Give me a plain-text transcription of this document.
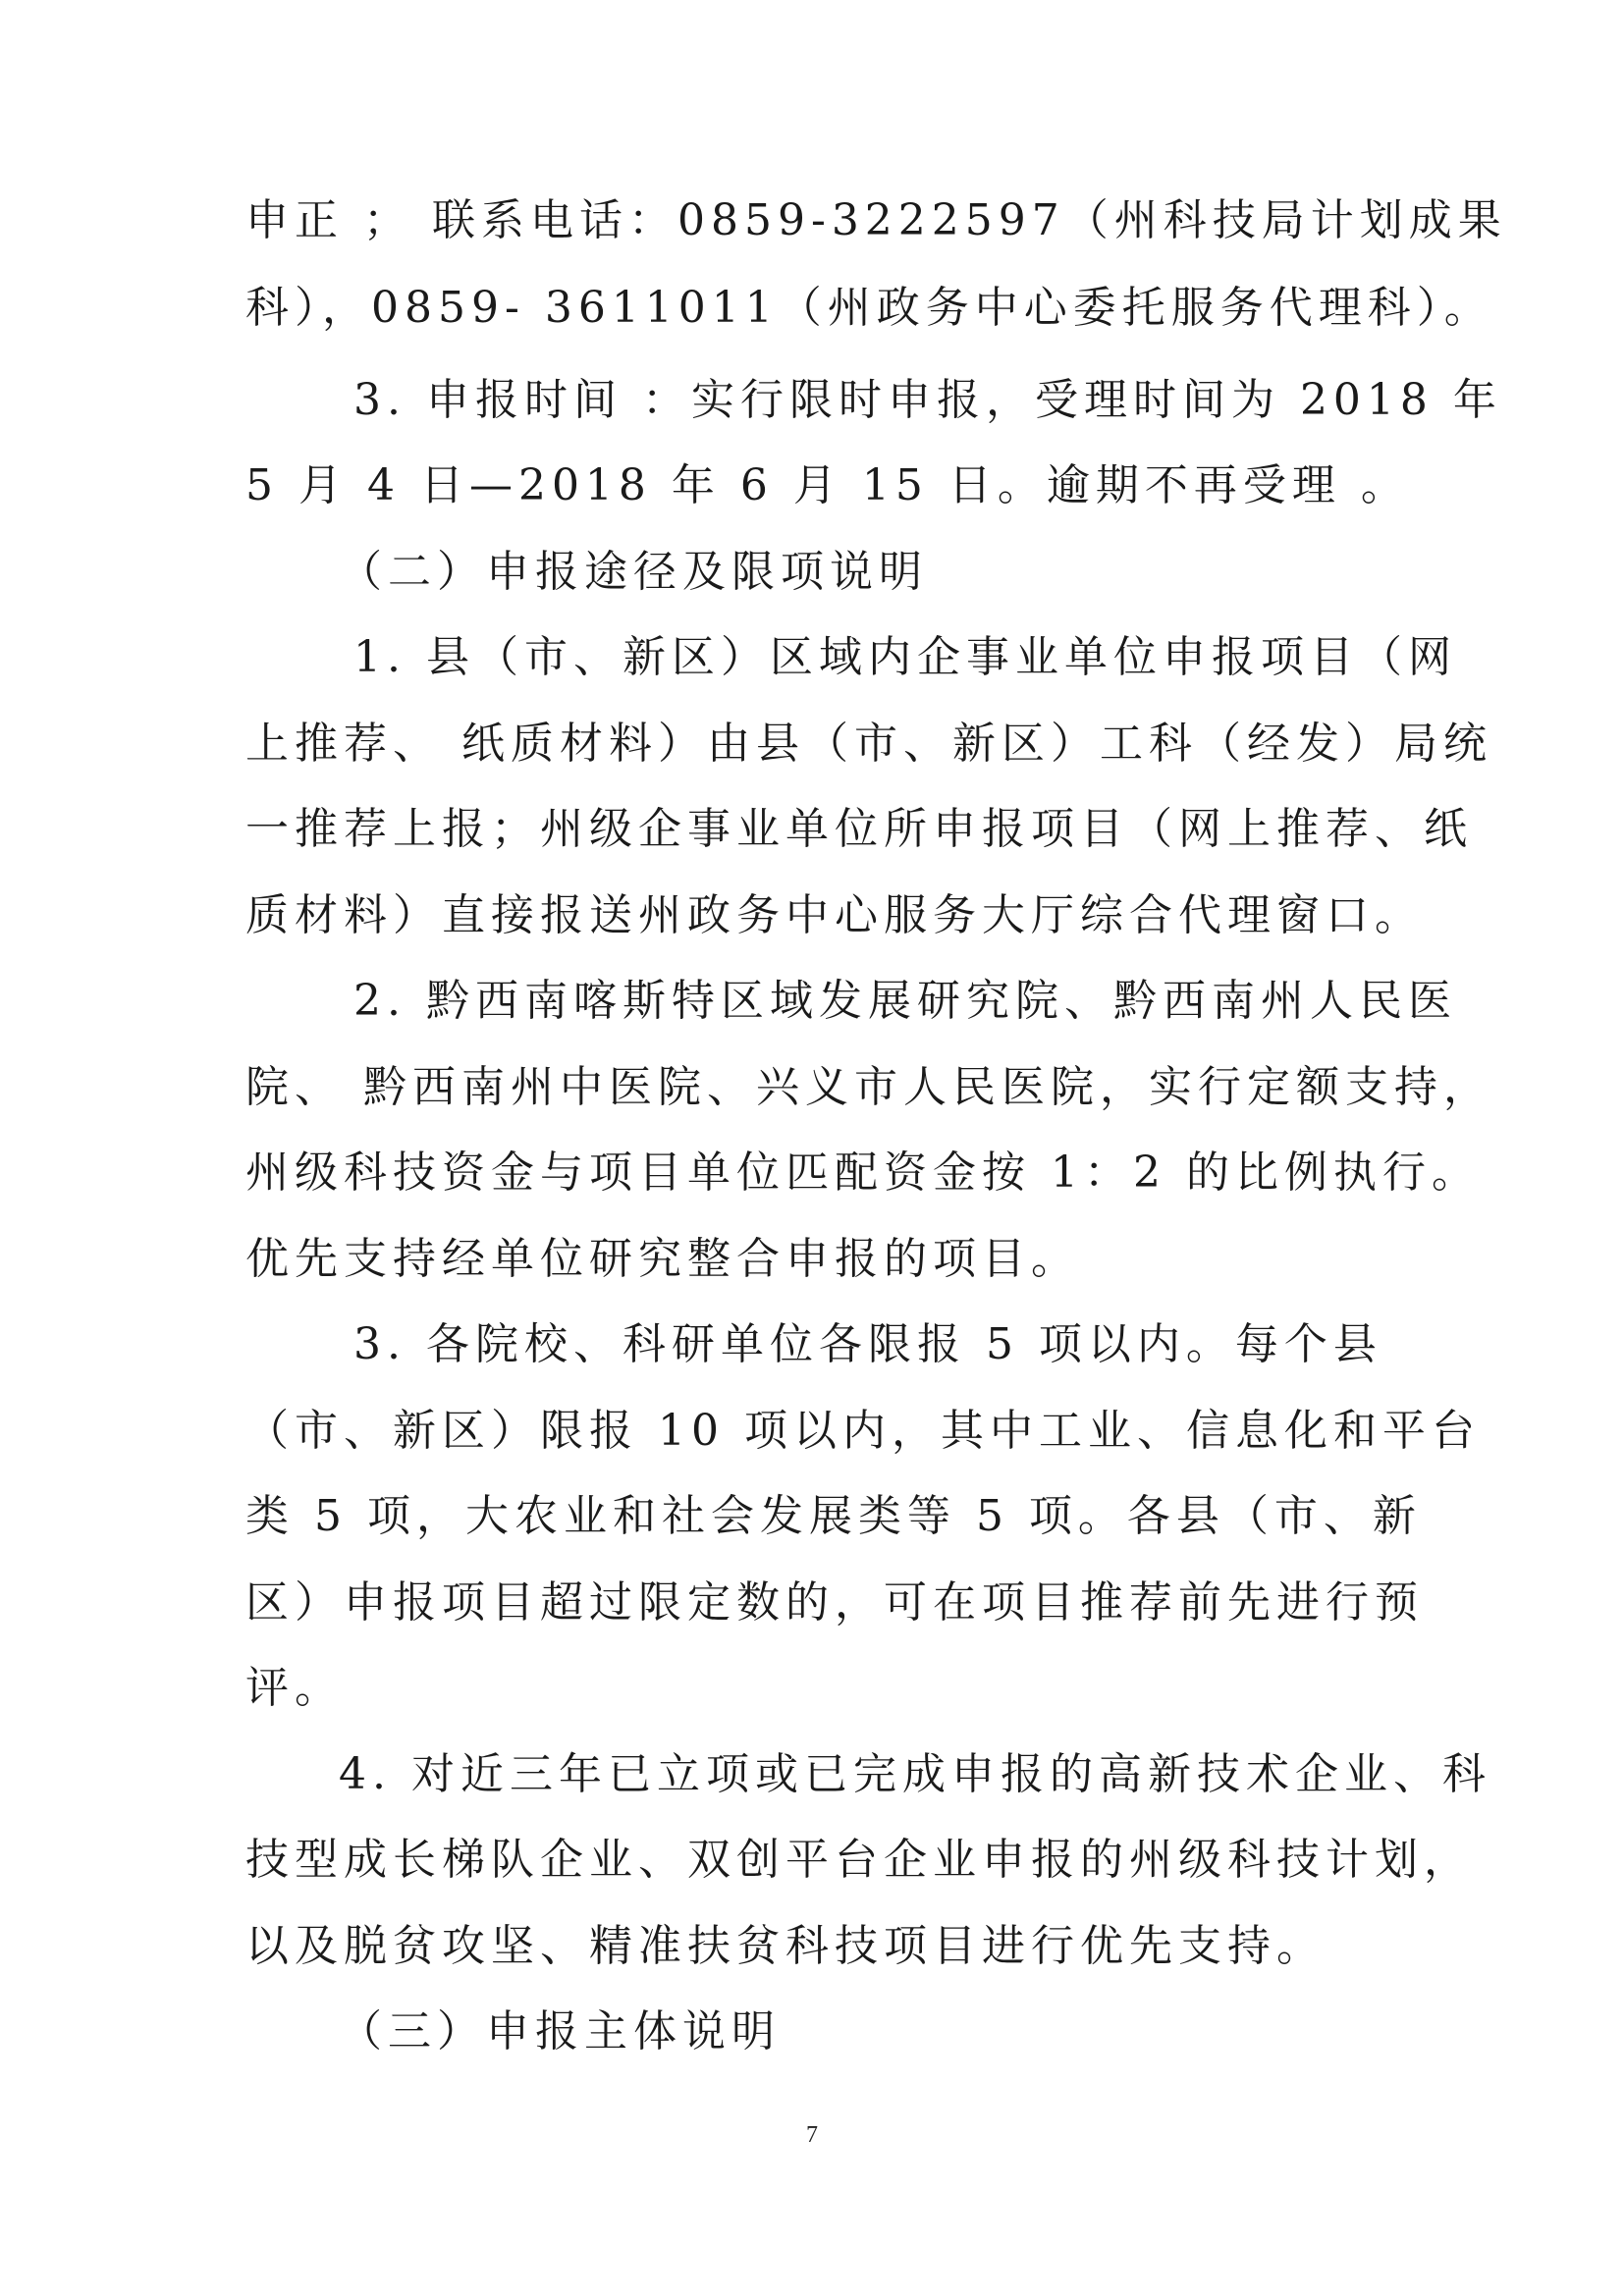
申正 ； 联系电话：0859-3222597（州科技局计划成果
科），0859- 3611011（州政务中心委托服务代理科）。
3. 申报时间 ：实行限时申报，受理时间为 2018 年
5 月 4 日—2018 年 6 月 15 日。逾期不再受理 。
（二）申报途径及限项说明
1. 县（市、新区）区域内企事业单位申报项目（网
上推荐、 纸质材料）由县（市、新区）工科（经发）局统
一推荐上报；州级企事业单位所申报项目（网上推荐、纸
质材料）直接报送州政务中心服务大厅综合代理窗口。
2. 黔西南喀斯特区域发展研究院、黔西南州人民医
院、 黔西南州中医院、兴义市人民医院，实行定额支持，
州级科技资金与项目单位匹配资金按 1：2 的比例执行。
优先支持经单位研究整合申报的项目。
3. 各院校、科研单位各限报 5 项以内。每个县
（市、新区）限报 10 项以内，其中工业、信息化和平台
类 5 项，大农业和社会发展类等 5 项。各县（市、新
区）申报项目超过限定数的，可在项目推荐前先进行预
评。
4. 对近三年已立项或已完成申报的高新技术企业、科
技型成长梯队企业、双创平台企业申报的州级科技计划，
以及脱贫攻坚、精准扶贫科技项目进行优先支持。
（三）申报主体说明
7
